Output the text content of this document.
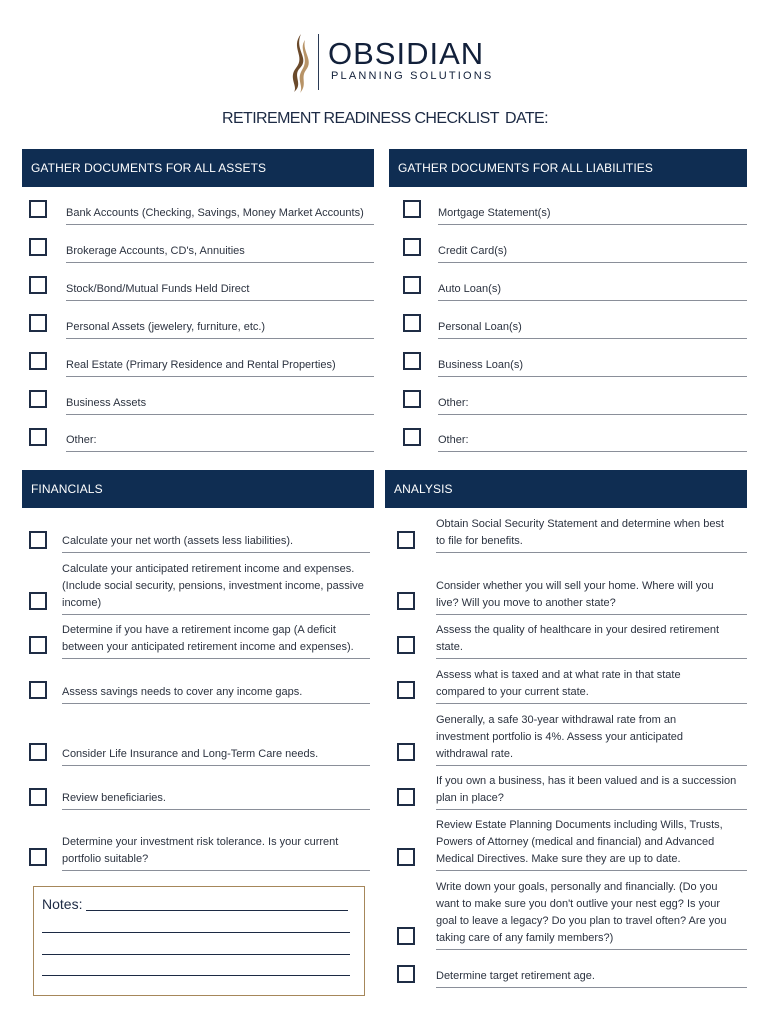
OBSIDIAN
PLANNING SOLUTIONS
RETIREMENT READINESS CHECKLIST DATE:
GATHER DOCUMENTS FOR ALL ASSETS	GATHER DOCUMENTS FOR ALL LIABILITIES
FINANCIALS	ANALYSIS
Bank Accounts (Checking, Savings, Money Market Accounts)
Brokerage Accounts, CD's, Annuities
Stock/Bond/Mutual Funds Held Direct
Personal Assets (jewelery, furniture, etc.)
Real Estate (Primary Residence and Rental Properties)
Business Assets
Other:
Mortgage Statement(s)
Credit Card(s)
Auto Loan(s)
Personal Loan(s)
Business Loan(s)
Other:
Other:
Calculate your net worth (assets less liabilities).
Calculate your anticipated retirement income and expenses.
(Include social security, pensions, investment income, passive
income)
Determine if you have a retirement income gap (A deficit
between your anticipated retirement income and expenses).
Assess savings needs to cover any income gaps.
Consider Life Insurance and Long-Term Care needs.
Review beneficiaries.
Determine your investment risk tolerance. Is your current
portfolio suitable?
Obtain Social Security Statement and determine when best
to file for benefits.
Consider whether you will sell your home. Where will you
live? Will you move to another state?
Assess the quality of healthcare in your desired retirement
state.
Assess what is taxed and at what rate in that state
compared to your current state.
Generally, a safe 30-year withdrawal rate from an
investment portfolio is 4%. Assess your anticipated
withdrawal rate.
If you own a business, has it been valued and is a succession
plan in place?
Review Estate Planning Documents including Wills, Trusts,
Powers of Attorney (medical and financial) and Advanced
Medical Directives. Make sure they are up to date.
Write down your goals, personally and financially. (Do you
want to make sure you don't outlive your nest egg? Is your
goal to leave a legacy? Do you plan to travel often? Are you
taking care of any family members?)
Determine target retirement age.
Notes:
